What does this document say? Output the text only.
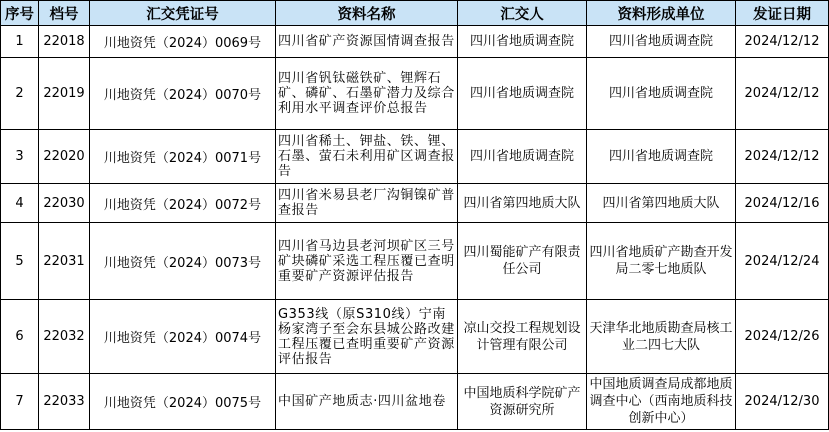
序号	档号	汇交凭证号	资料名称	汇交人	资料形成单位	发证日期
1	22018	川地资凭（2024）0069号	四川省矿产资源国情调查报告	四川省地质调查院	四川省地质调查院	2024/12/12
2	22019	川地资凭（2024）0070号	四川省钒钛磁铁矿、锂辉石矿、磷矿、石墨矿潜力及综合利用水平调查评价总报告	四川省地质调查院	四川省地质调查院	2024/12/12
3	22020	川地资凭（2024）0071号	四川省稀土、钾盐、铁、锂、石墨、萤石未利用矿区调查报告	四川省地质调查院	四川省地质调查院	2024/12/12
4	22030	川地资凭（2024）0072号	四川省米易县老厂沟铜镍矿普查报告	四川省第四地质大队	四川省第四地质大队	2024/12/16
5	22031	川地资凭（2024）0073号	四川省马边县老河坝矿区三号矿块磷矿采选工程压覆已查明重要矿产资源评估报告	四川蜀能矿产有限责任公司	四川省地质矿产勘查开发局二零七地质队	2024/12/24
6	22032	川地资凭（2024）0074号	G353线（原S310线）宁南杨家湾子至会东县城公路改建工程压覆已查明重要矿产资源评估报告	凉山交投工程规划设计管理有限公司	天津华北地质勘查局核工业二四七大队	2024/12/26
7	22033	川地资凭（2024）0075号	中国矿产地质志·四川盆地卷	中国地质科学院矿产资源研究所	中国地质调查局成都地质调查中心（西南地质科技创新中心）	2024/12/30
